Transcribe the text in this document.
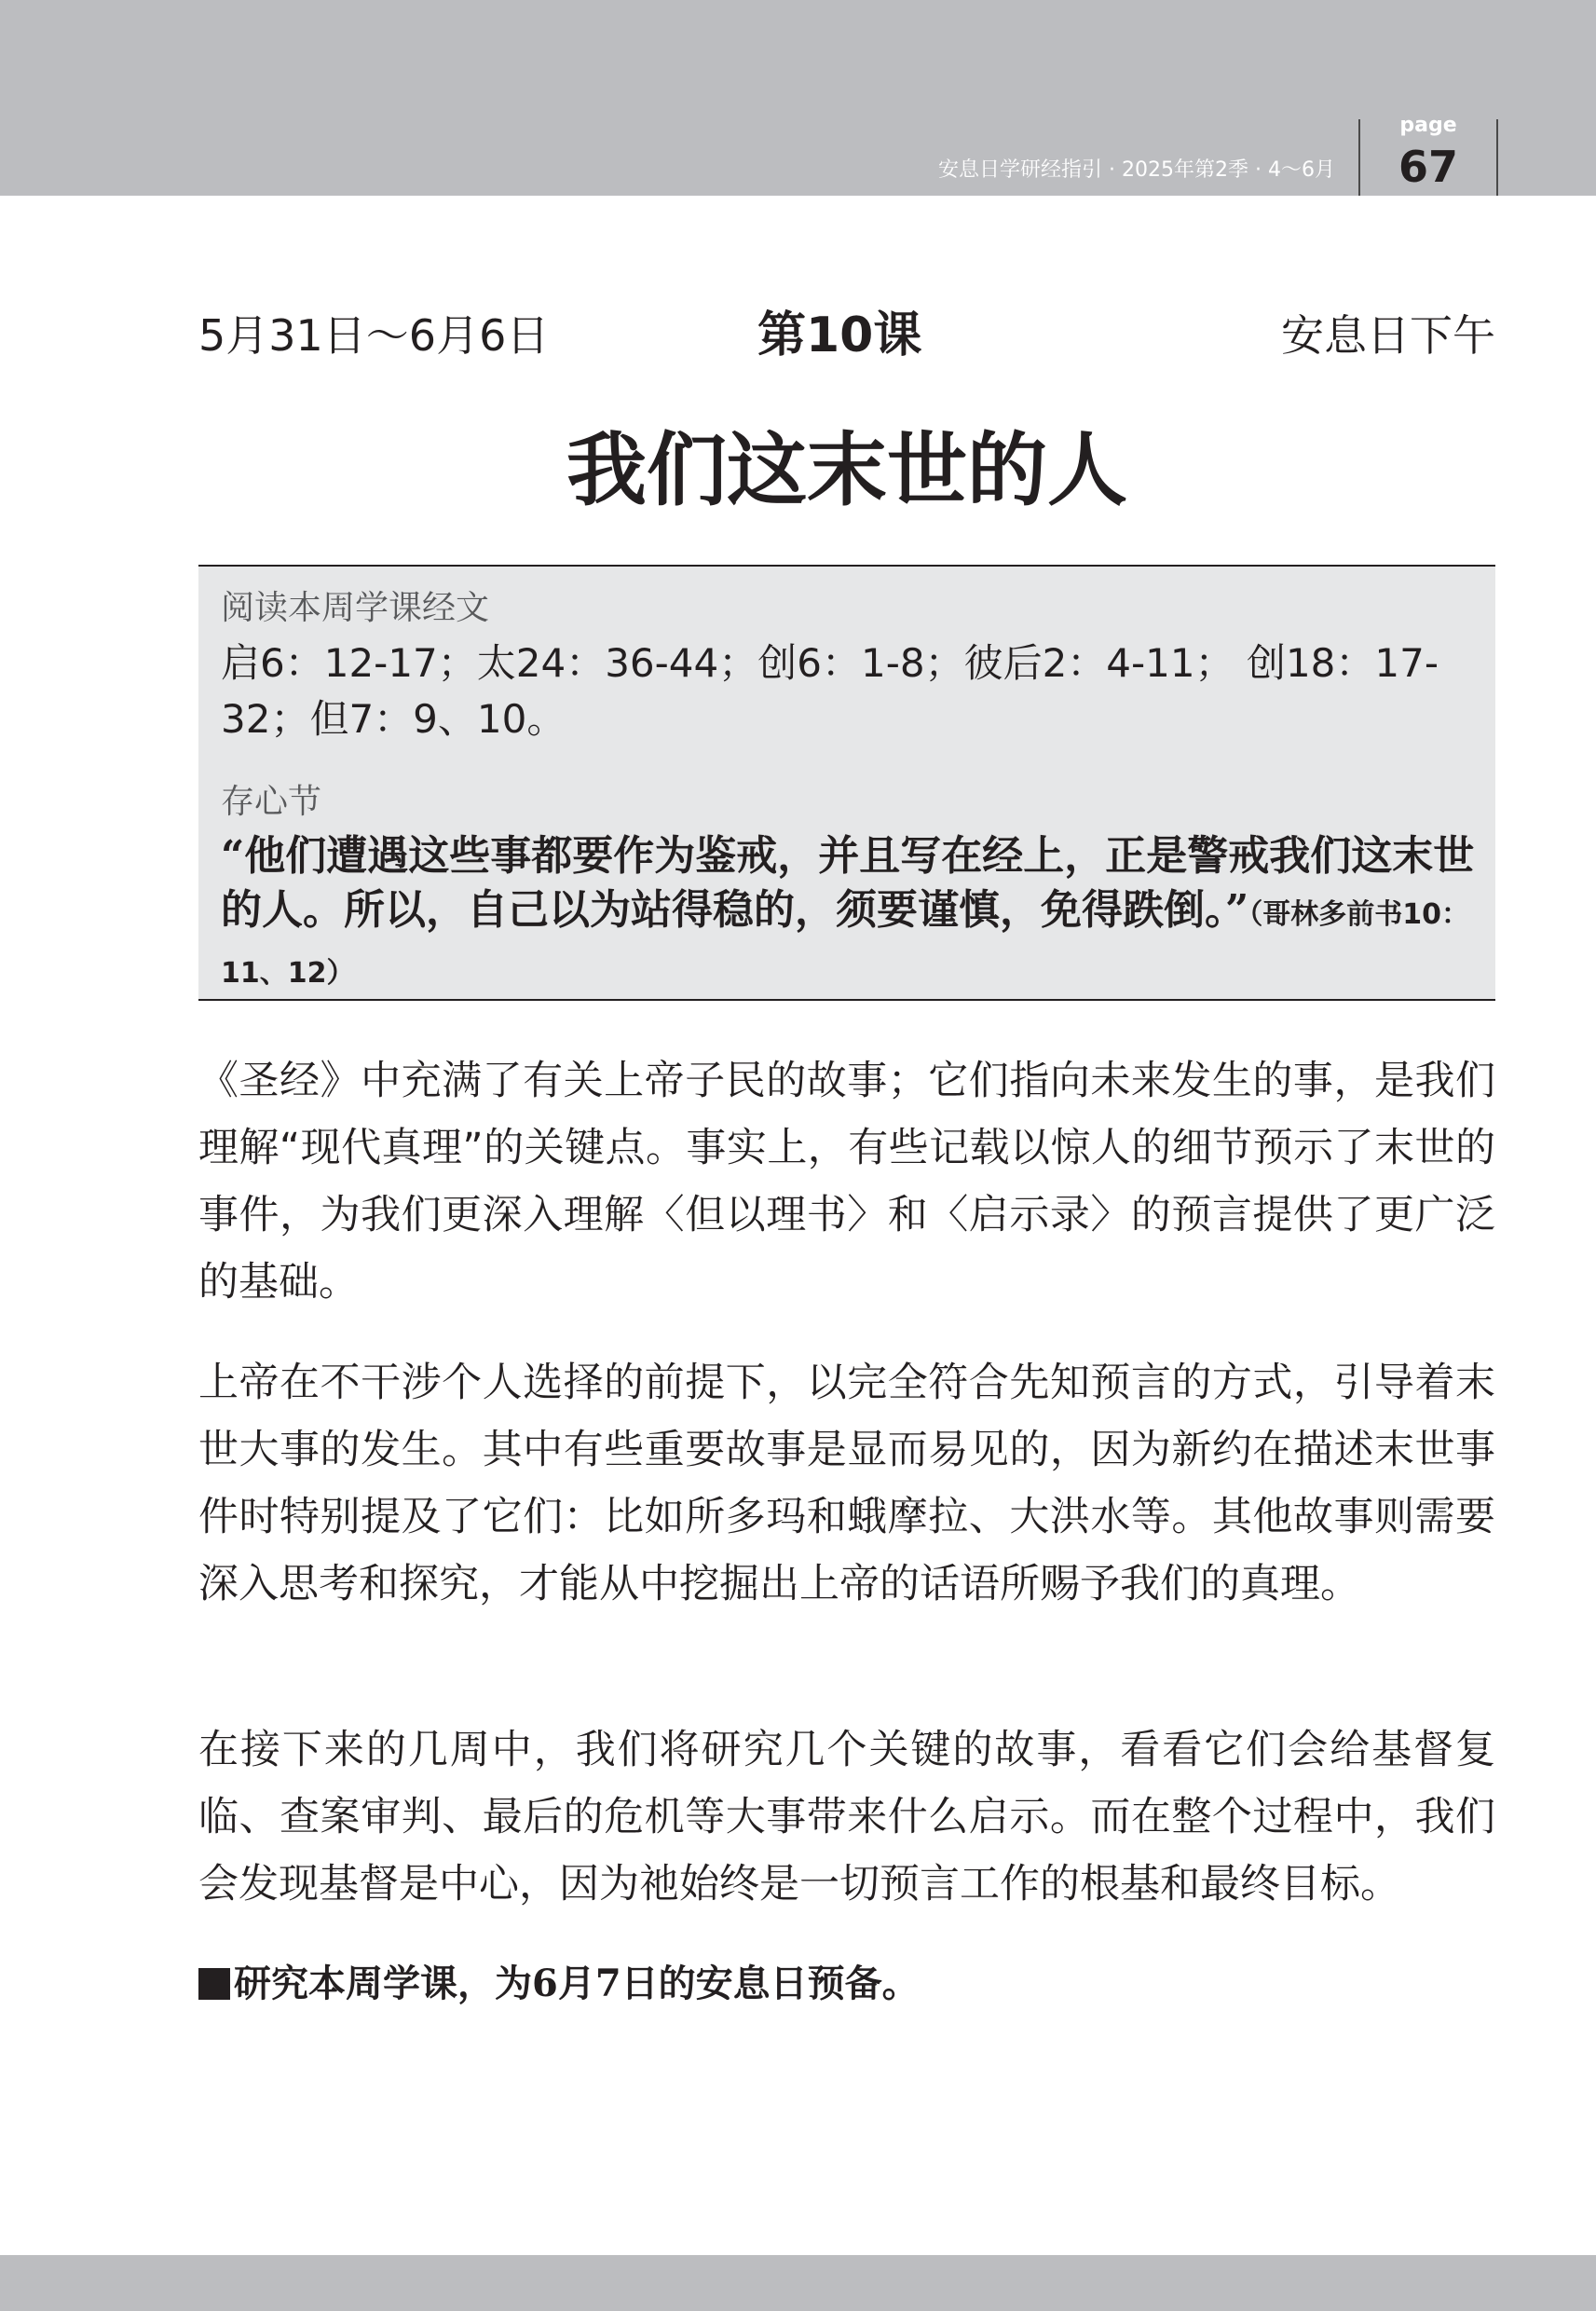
安息日学研经指引 · 2025年第2季 · 4～6月
page
67
5月31日～6月6日	第10课	安息日下午
我们这末世的人
阅读本周学课经文
启6：12-17；太24：36-44；创6：1-8；彼后2：4-11； 创18：17-32；但7：9、10。
存心节
“他们遭遇这些事都要作为鉴戒，并且写在经上，正是警戒我们这末世的人。所以，自己以为站得稳的，须要谨慎，免得跌倒。”（哥林多前书10：11、12）

《圣经》中充满了有关上帝子民的故事；它们指向未来发生的事，是我们理解“现代真理”的关键点。事实上，有些记载以惊人的细节预示了末世的事件，为我们更深入理解〈但以理书〉和〈启示录〉的预言提供了更广泛的基础。

上帝在不干涉个人选择的前提下，以完全符合先知预言的方式，引导着末世大事的发生。其中有些重要故事是显而易见的，因为新约在描述末世事件时特别提及了它们：比如所多玛和蛾摩拉、大洪水等。其他故事则需要深入思考和探究，才能从中挖掘出上帝的话语所赐予我们的真理。

在接下来的几周中，我们将研究几个关键的故事，看看它们会给基督复临、查案审判、最后的危机等大事带来什么启示。而在整个过程中，我们会发现基督是中心，因为祂始终是一切预言工作的根基和最终目标。

研究本周学课，为6月7日的安息日预备。
